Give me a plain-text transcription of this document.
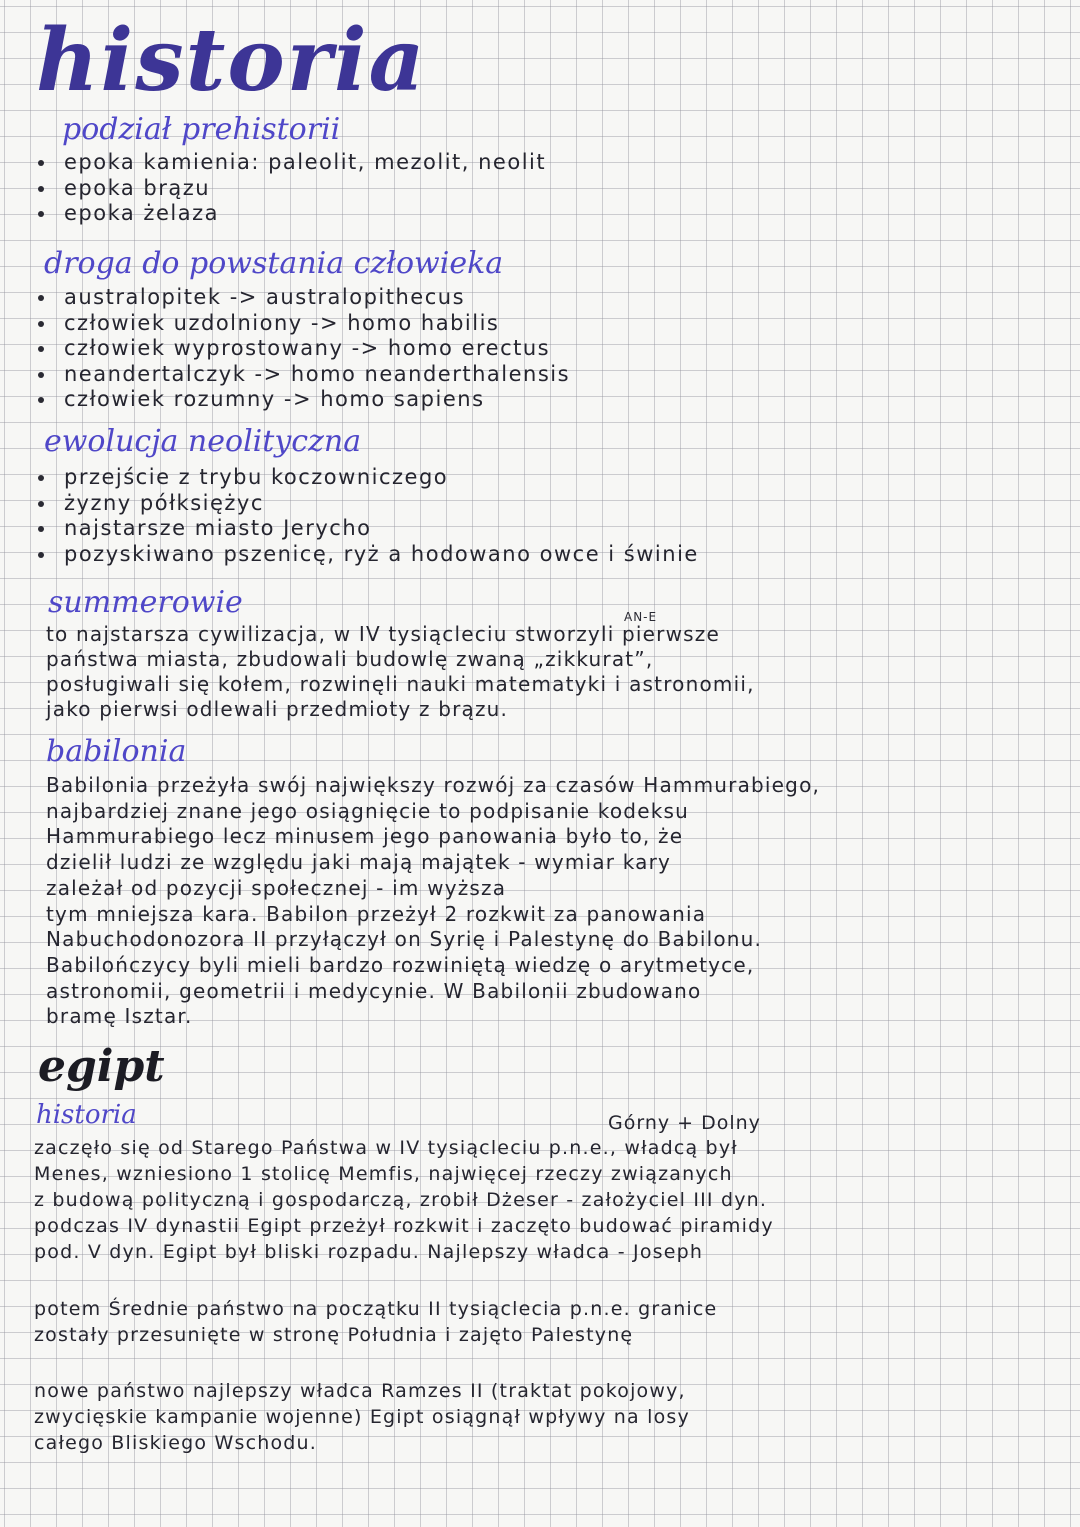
historia
podział prehistorii
epoka kamienia: paleolit, mezolit, neolit
epoka brązu
epoka żelaza
droga do powstania człowieka
australopitek -> australopithecus
człowiek uzdolniony -> homo habilis
człowiek wyprostowany -> homo erectus
neandertalczyk -> homo neanderthalensis
człowiek rozumny -> homo sapiens
ewolucja neolityczna
przejście z trybu koczowniczego
żyzny półksiężyc
najstarsze miasto Jerycho
pozyskiwano pszenicę, ryż a hodowano owce i świnie
summerowie	AN-E
to najstarsza cywilizacja, w IV tysiącleciu stworzyli pierwsze
państwa miasta, zbudowali budowlę zwaną „zikkurat”,
posługiwali się kołem, rozwinęli nauki matematyki i astronomii,
jako pierwsi odlewali przedmioty z brązu.
babilonia
Babilonia przeżyła swój największy rozwój za czasów Hammurabiego,
najbardziej znane jego osiągnięcie to podpisanie kodeksu
Hammurabiego lecz minusem jego panowania było to, że
dzielił ludzi ze względu jaki mają majątek - wymiar kary
zależał od pozycji społecznej - im wyższa
tym mniejsza kara. Babilon przeżył 2 rozkwit za panowania
Nabuchodonozora II przyłączył on Syrię i Palestynę do Babilonu.
Babilończycy byli mieli bardzo rozwiniętą wiedzę o arytmetyce,
astronomii, geometrii i medycynie. W Babilonii zbudowano
bramę Isztar.
egipt
historia	Górny + Dolny
zaczęło się od Starego Państwa w IV tysiącleciu p.n.e., władcą był
Menes, wzniesiono 1 stolicę Memfis, najwięcej rzeczy związanych
z budową polityczną i gospodarczą, zrobił Dżeser - założyciel III dyn.
podczas IV dynastii Egipt przeżył rozkwit i zaczęto budować piramidy
pod. V dyn. Egipt był bliski rozpadu. Najlepszy władca - Joseph
potem Średnie państwo na początku II tysiąclecia p.n.e. granice
zostały przesunięte w stronę Południa i zajęto Palestynę
nowe państwo najlepszy władca Ramzes II (traktat pokojowy,
zwycięskie kampanie wojenne) Egipt osiągnął wpływy na losy
całego Bliskiego Wschodu.
